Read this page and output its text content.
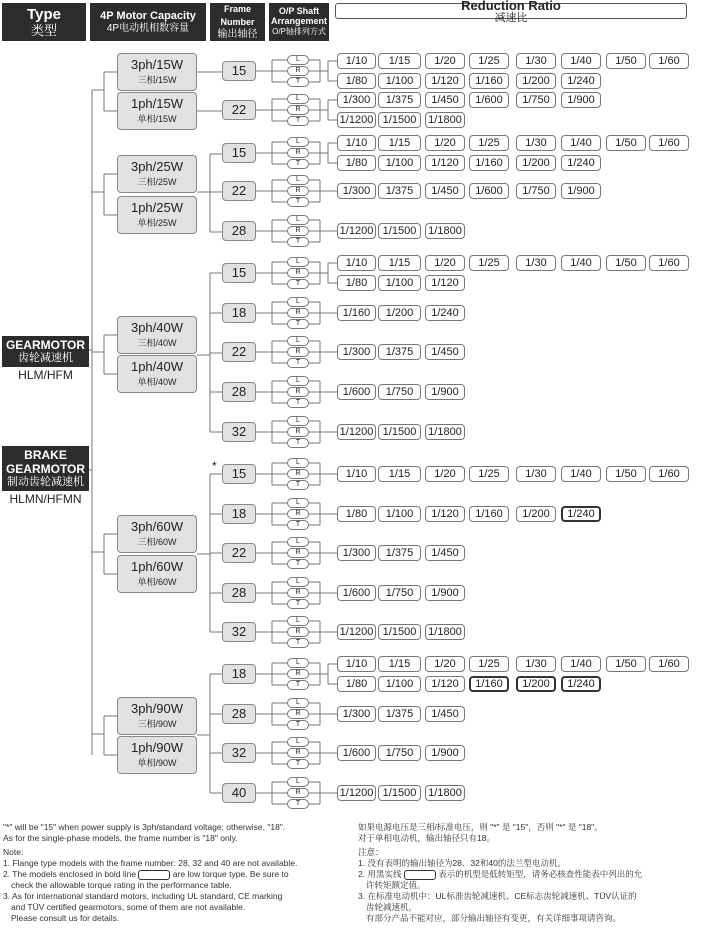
Type
类型
4P Motor Capacity
4P电动机相数容量
Frame Number
输出轴径
O/P Shaft Arrangement
O/P轴排列方式
Reduction Ratio
减速比
GEARMOTOR
齿轮减速机
HLM/HFM
BRAKE GEARMOTOR
制动齿轮减速机
HLMN/HFMN
3ph/15W
三相/15W
1ph/15W
单相/15W
3ph/25W
三相/25W
1ph/25W
单相/25W
3ph/40W
三相/40W
1ph/40W
单相/40W
3ph/60W
三相/60W
1ph/60W
单相/60W
3ph/90W
三相/90W
1ph/90W
单相/90W
*
15
L
R
T
1/10	1/15	1/20	1/25	1/30	1/40	1/50	1/60
1/80	1/100	1/120	1/160	1/200	1/240
22
L
R
T
1/300	1/375	1/450	1/600	1/750	1/900
1/1200 1/1500	1/1800
15
L
R
T
1/10	1/15	1/20	1/25	1/30	1/40	1/50	1/60
1/80	1/100	1/120	1/160	1/200	1/240
22
L
R
T
1/300	1/375	1/450	1/600	1/750	1/900
28
L
R
T
1/1200 1/1500	1/1800
15
L
R
T
1/10	1/15	1/20	1/25	1/30	1/40	1/50	1/60
1/80	1/100	1/120
18
L
R
T
1/160	1/200	1/240
22
L
R
T
1/300	1/375	1/450
28
L
R
T
1/600	1/750	1/900
32
L
R
T
1/1200 1/1500	1/1800
15
L
R
T
1/10	1/15	1/20	1/25	1/30	1/40	1/50	1/60
18
L
R
T
1/80	1/100	1/120	1/160	1/200	1/240
22
L
R
T
1/300	1/375	1/450
28
L
R
T
1/600	1/750	1/900
32
L
R
T
1/1200 1/1500	1/1800
18
L
R
T
1/10	1/15	1/20	1/25	1/30	1/40	1/50	1/60
1/80	1/100	1/120	1/160	1/200	1/240
28
L
R
T
1/300	1/375	1/450
32
L
R
T
1/600	1/750	1/900
40
L
R
T
1/1200 1/1500	1/1800

"*" will be "15" when power supply is 3ph/standard voltage; otherwise, "18".

As for the single-phase models, the frame number is "18" only.

Note:

1. Flange type models with the frame number: 28, 32 and 40 are not available.

2. The models enclosed in bold line	are low torque type. Be sure to

check the allowable torque rating in the performance table.

3. As for international standard motors, including UL standard, CE marking

and TÜV certified gearmotors, some of them are not available.

Please consult us for details.

如果电源电压是三相/标准电压，则 "*" 是 "15"，否则 "*" 是 "18"。

对于单相电动机，输出轴径只有18。

注意：

1. 没有表明的输出轴径为28、32和40的法兰型电动机。

2. 用黑实线	表示的机型是低转矩型，请务必核查性能表中列出的允

许转矩额定值。

3. 在标准电动机中：UL标准齿轮减速机、CE标志齿轮减速机、TÜV认证的

齿轮减速机，

有部分产品不能对应，部分输出轴径有变更，有关详细事项请咨询。
